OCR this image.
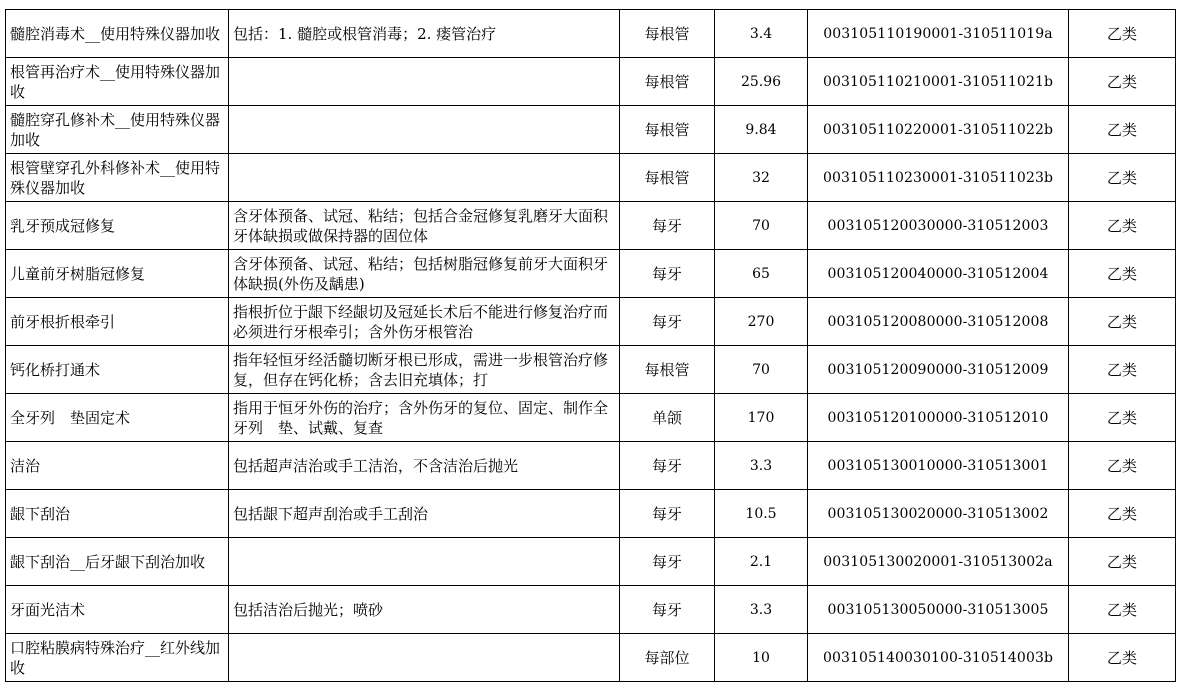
髓腔消毒术__使用特殊仪器加收	包括：1. 髓腔或根管消毒；2. 瘘管治疗	每根管	3.4	003105110190001-310511019a	乙类
根管再治疗术__使用特殊仪器加收		每根管	25.96	003105110210001-310511021b	乙类
髓腔穿孔修补术__使用特殊仪器加收		每根管	9.84	003105110220001-310511022b	乙类
根管壁穿孔外科修补术__使用特殊仪器加收		每根管	32	003105110230001-310511023b	乙类
乳牙预成冠修复	含牙体预备、试冠、粘结；包括合金冠修复乳磨牙大面积牙体缺损或做保持器的固位体	每牙	70	003105120030000-310512003	乙类
儿童前牙树脂冠修复	含牙体预备、试冠、粘结；包括树脂冠修复前牙大面积牙体缺损(外伤及龋患)	每牙	65	003105120040000-310512004	乙类
前牙根折根牵引	指根折位于龈下经龈切及冠延长术后不能进行修复治疗而必须进行牙根牵引；含外伤牙根管治	每牙	270	003105120080000-310512008	乙类
钙化桥打通术	指年轻恒牙经活髓切断牙根已形成，需进一步根管治疗修复，但存在钙化桥；含去旧充填体；打	每根管	70	003105120090000-310512009	乙类
全牙列　垫固定术	指用于恒牙外伤的治疗；含外伤牙的复位、固定、制作全牙列　垫、试戴、复查	单颌	170	003105120100000-310512010	乙类
洁治	包括超声洁治或手工洁治，不含洁治后抛光	每牙	3.3	003105130010000-310513001	乙类
龈下刮治	包括龈下超声刮治或手工刮治	每牙	10.5	003105130020000-310513002	乙类
龈下刮治__后牙龈下刮治加收		每牙	2.1	003105130020001-310513002a	乙类
牙面光洁术	包括洁治后抛光；喷砂	每牙	3.3	003105130050000-310513005	乙类
口腔粘膜病特殊治疗__红外线加收		每部位	10	003105140030100-310514003b	乙类
